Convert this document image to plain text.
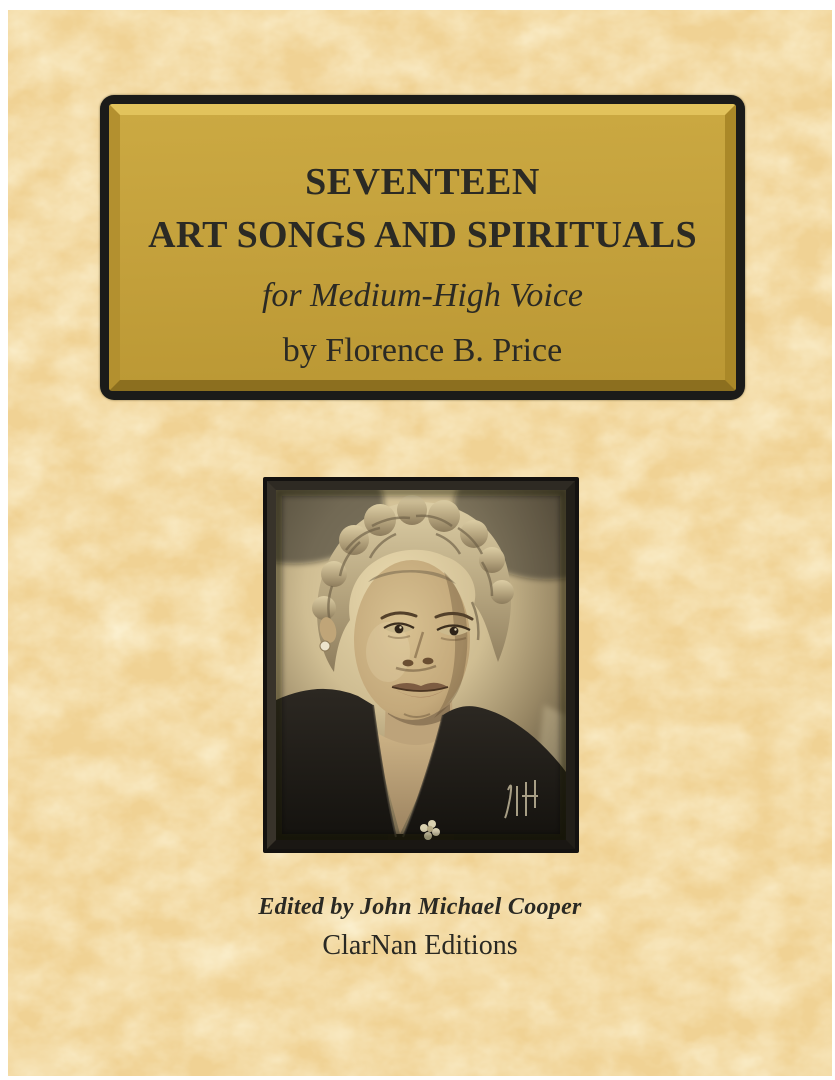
SEVENTEEN
ART SONGS AND SPIRITUALS
for Medium-High Voice
by Florence B. Price
Edited by John Michael Cooper
ClarNan Editions
